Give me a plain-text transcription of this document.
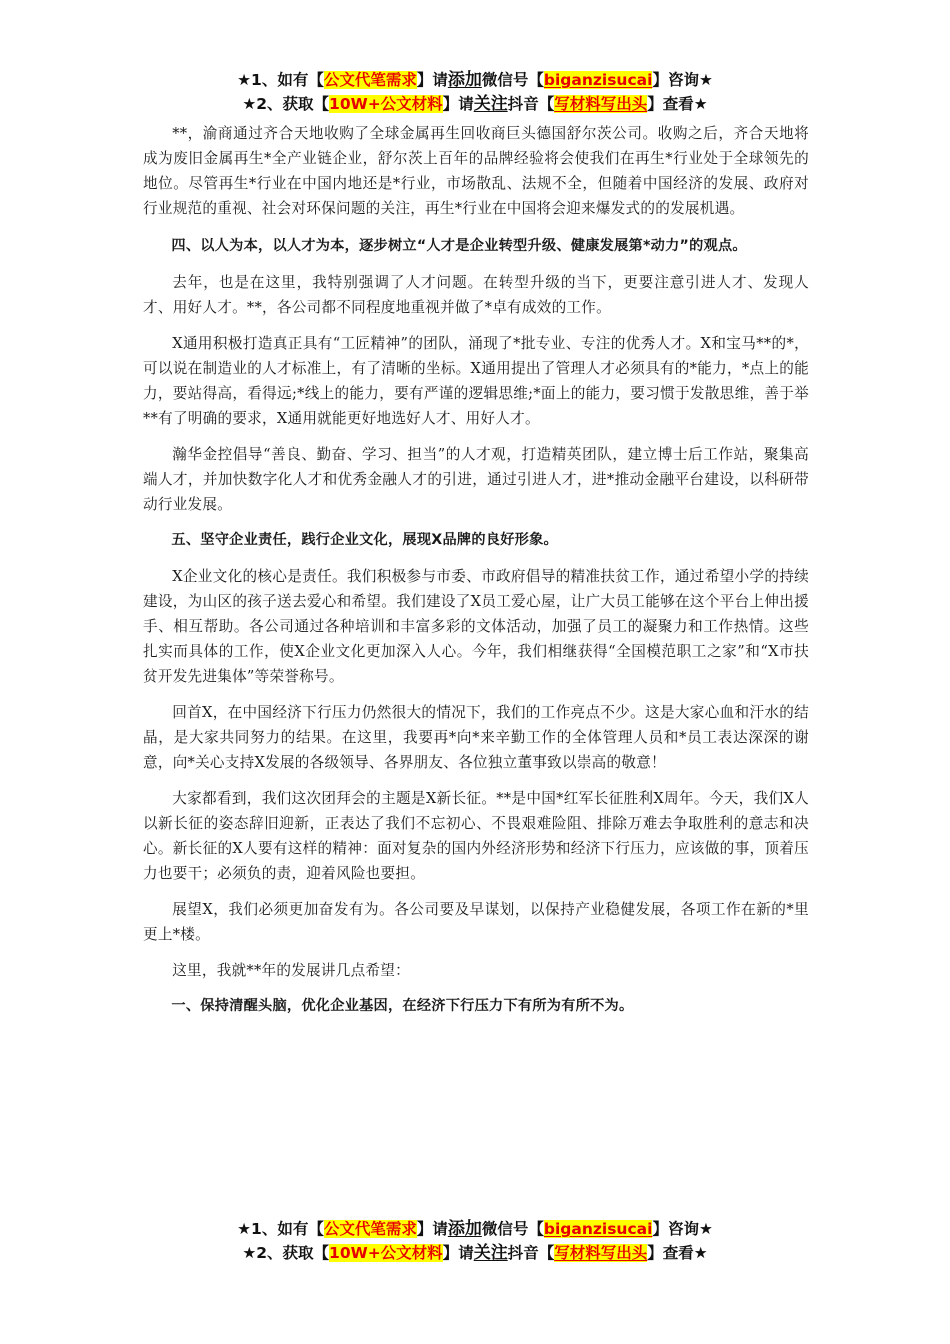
★1、如有【公文代笔需求】请添加微信号【biganzisucai】咨询★
★2、获取【10W+公文材料】请关注抖音【写材料写出头】查看★

**，渝商通过齐合天地收购了全球金属再生回收商巨头德国舒尔茨公司。收购之后，齐合天地将成为废旧金属再生*全产业链企业，舒尔茨上百年的品牌经验将会使我们在再生*行业处于全球领先的地位。尽管再生*行业在中国内地还是*行业，市场散乱、法规不全，但随着中国经济的发展、政府对行业规范的重视、社会对环保问题的关注，再生*行业在中国将会迎来爆发式的的发展机遇。

四、以人为本，以人才为本，逐步树立“人才是企业转型升级、健康发展第*动力”的观点。

去年，也是在这里，我特别强调了人才问题。在转型升级的当下，更要注意引进人才、发现人才、用好人才。**，各公司都不同程度地重视并做了*卓有成效的工作。

X通用积极打造真正具有“工匠精神”的团队，涌现了*批专业、专注的优秀人才。X和宝马**的*，可以说在制造业的人才标准上，有了清晰的坐标。X通用提出了管理人才必须具有的*能力，*点上的能力，要站得高，看得远;*线上的能力，要有严谨的逻辑思维;*面上的能力，要习惯于发散思维，善于举**有了明确的要求，X通用就能更好地选好人才、用好人才。

瀚华金控倡导“善良、勤奋、学习、担当”的人才观，打造精英团队，建立博士后工作站，聚集高端人才，并加快数字化人才和优秀金融人才的引进，通过引进人才，进*推动金融平台建设，以科研带动行业发展。

五、坚守企业责任，践行企业文化，展现X品牌的良好形象。

X企业文化的核心是责任。我们积极参与市委、市政府倡导的精准扶贫工作，通过希望小学的持续建设，为山区的孩子送去爱心和希望。我们建设了X员工爱心屋，让广大员工能够在这个平台上伸出援手、相互帮助。各公司通过各种培训和丰富多彩的文体活动，加强了员工的凝聚力和工作热情。这些扎实而具体的工作，使X企业文化更加深入人心。今年，我们相继获得“全国模范职工之家”和“X市扶贫开发先进集体”等荣誉称号。

回首X，在中国经济下行压力仍然很大的情况下，我们的工作亮点不少。这是大家心血和汗水的结晶，是大家共同努力的结果。在这里，我要再*向*来辛勤工作的全体管理人员和*员工表达深深的谢意，向*关心支持X发展的各级领导、各界朋友、各位独立董事致以崇高的敬意！

大家都看到，我们这次团拜会的主题是X新长征。**是中国*红军长征胜利X周年。今天，我们X人以新长征的姿态辞旧迎新，正表达了我们不忘初心、不畏艰难险阻、排除万难去争取胜利的意志和决心。新长征的X人要有这样的精神：面对复杂的国内外经济形势和经济下行压力，应该做的事，顶着压力也要干；必须负的责，迎着风险也要担。

展望X，我们必须更加奋发有为。各公司要及早谋划，以保持产业稳健发展，各项工作在新的*里更上*楼。

这里，我就**年的发展讲几点希望：

一、保持清醒头脑，优化企业基因，在经济下行压力下有所为有所不为。

★1、如有【公文代笔需求】请添加微信号【biganzisucai】咨询★
★2、获取【10W+公文材料】请关注抖音【写材料写出头】查看★
